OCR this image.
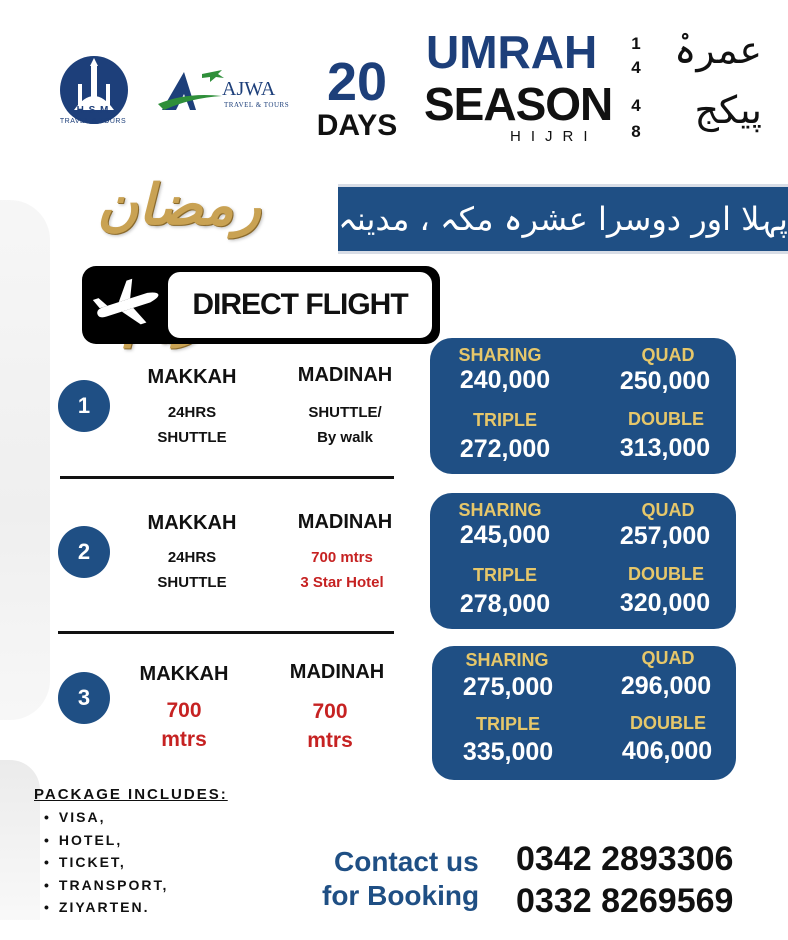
H.S.M
TRAVEL & TOURS
AJWA
TRAVEL & TOURS 20
DAYS
UMRAH
SEASON
HIJRI
1
4
4
8
عمرہْ
پیکج
رمضان	پہلا اور دوسرا عشرہ مکہ ، مدینہ میں
DIRECT FLIGHT
1
MAKKAH
24HRS
SHUTTLE
MADINAH
SHUTTLE/
By walk
SHARING
240,000
QUAD
250,000
TRIPLE
272,000
DOUBLE
313,000
2
MAKKAH
24HRS
SHUTTLE
MADINAH
700 mtrs
3 Star Hotel
SHARING
245,000
QUAD
257,000
TRIPLE
278,000
DOUBLE
320,000
3
MAKKAH
700
mtrs
MADINAH
700
mtrs
SHARING
275,000
QUAD
296,000
TRIPLE
335,000
DOUBLE
406,000
PACKAGE INCLUDES:
• VISA,
• HOTEL,
• TICKET,
• TRANSPORT,
• ZIYARTEN.
Contact us
for Booking
0342 2893306
0332 8269569
